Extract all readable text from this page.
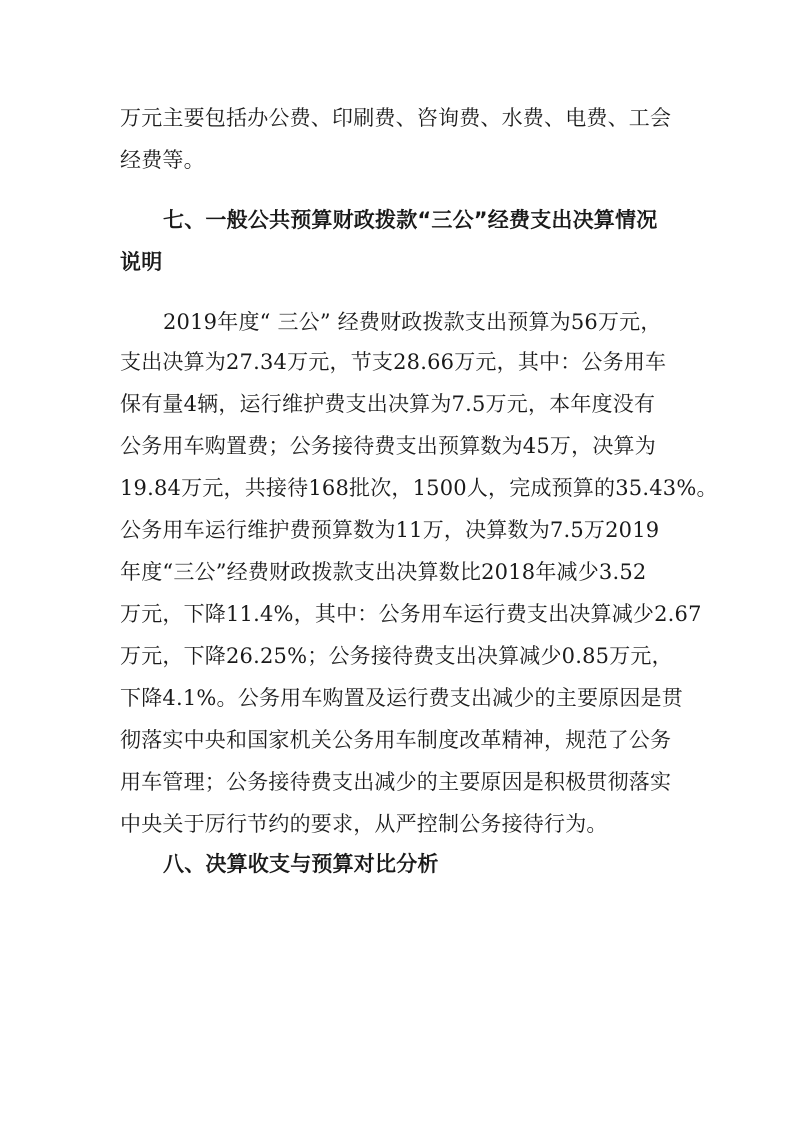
万元主要包括办公费、印刷费、咨询费、水费、电费、工会
经费等。
七、一般公共预算财政拨款“三公”经费支出决算情况
说明
2019年度“ 三公” 经费财政拨款支出预算为56万元，
支出决算为27.34万元，节支28.66万元，其中：公务用车
保有量4辆，运行维护费支出决算为7.5万元，本年度没有
公务用车购置费；公务接待费支出预算数为45万，决算为
19.84万元，共接待168批次，1500人，完成预算的35.43%。
公务用车运行维护费预算数为11万，决算数为7.5万2019
年度“三公”经费财政拨款支出决算数比2018年减少3.52
万元，下降11.4%，其中：公务用车运行费支出决算减少2.67
万元，下降26.25%；公务接待费支出决算减少0.85万元，
下降4.1%。公务用车购置及运行费支出减少的主要原因是贯
彻落实中央和国家机关公务用车制度改革精神，规范了公务
用车管理；公务接待费支出减少的主要原因是积极贯彻落实
中央关于厉行节约的要求，从严控制公务接待行为。
八、决算收支与预算对比分析
